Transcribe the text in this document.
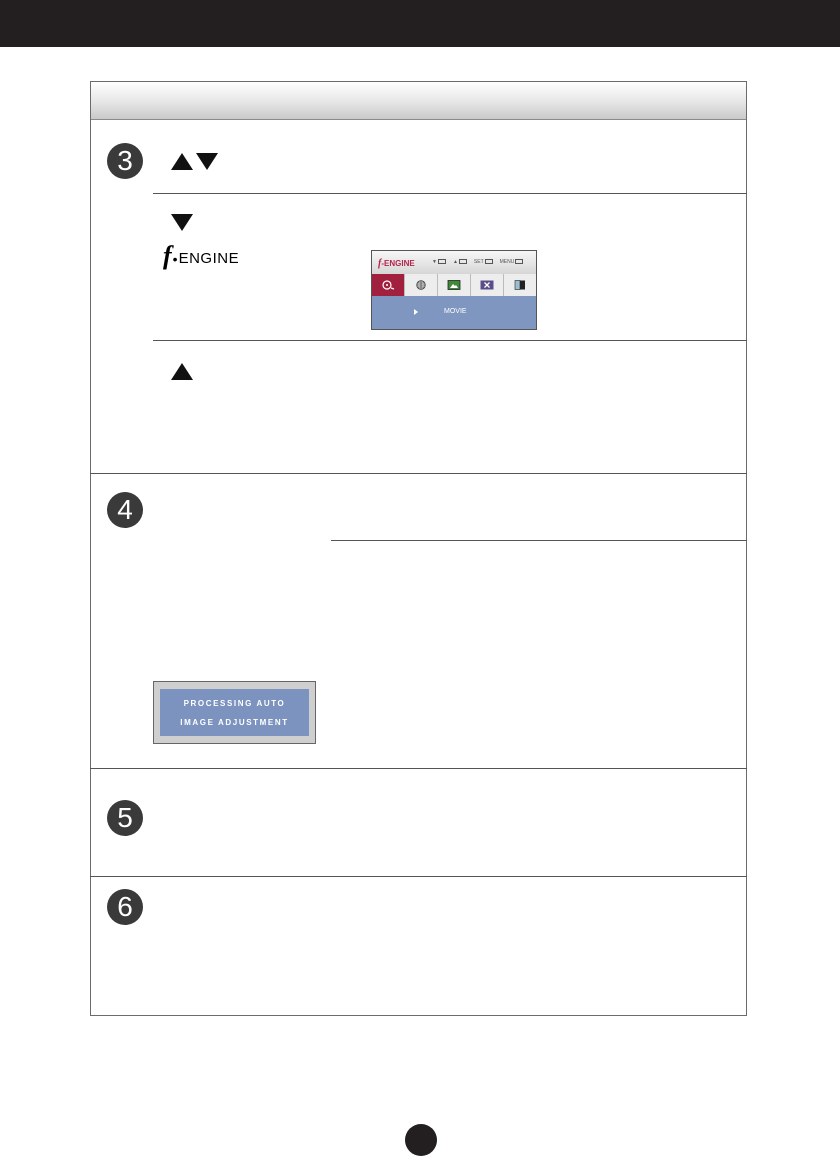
3
4
5
6
f • ENGINE	f-ENGINE	▼	▲	SET	MENU
MOVIE
PROCESSING AUTO
IMAGE ADJUSTMENT
